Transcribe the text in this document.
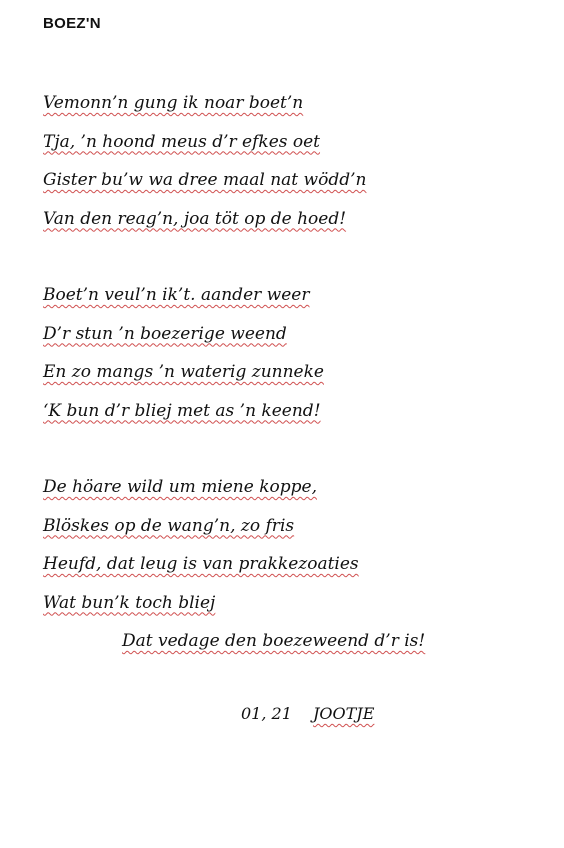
BOEZ'N
Vemonn’n gung ik noar boet’n
Tja, ’n hoond meus d’r efkes oet
Gister bu’w wa dree maal nat wödd’n
Van den reag’n, joa töt op de hoed!
Boet’n veul’n ik’t. aander weer
D’r stun ’n boezerige weend
En zo mangs ’n waterig zunneke
‘K bun d’r bliej met as ’n keend!
De höare wild um miene koppe,
Blöskes op de wang’n, zo fris
Heufd, dat leug is van prakkezoaties
Wat bun’k toch bliej
Dat vedage den boezeweend d’r is!
01, 21 JOOTJE
